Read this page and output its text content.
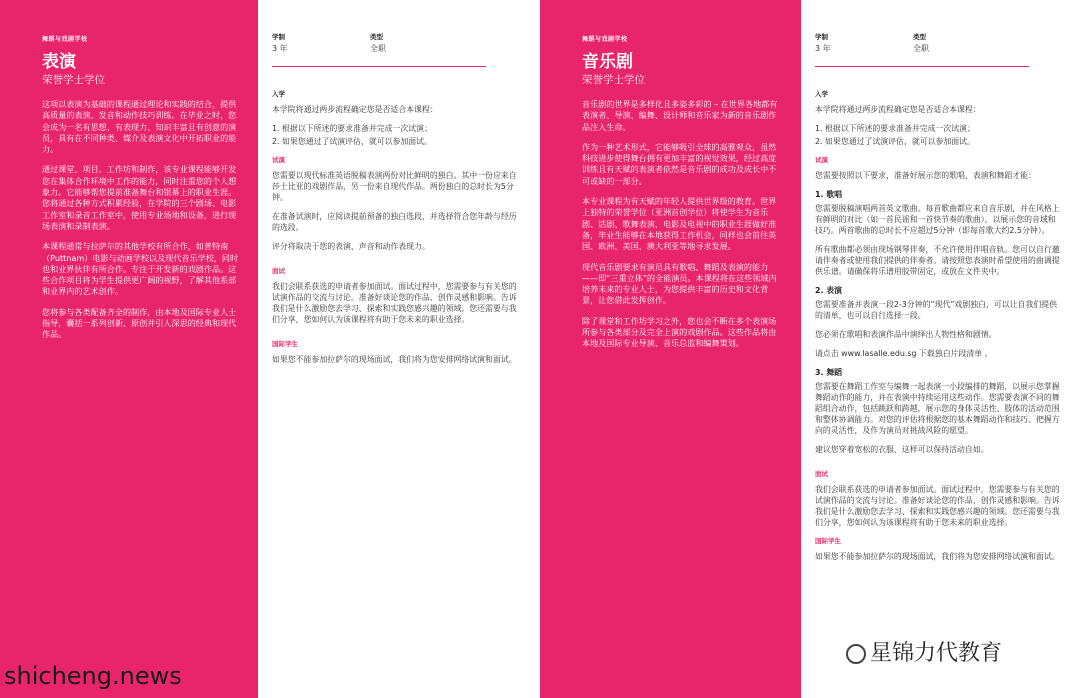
舞蹈与戏剧学校
表演
荣誉学士学位

这项以表演为基础的课程通过理论和实践的结合，提供高质量的表演、发音和动作技巧训练。在毕业之时，您会成为一名有思想、有表现力、知识丰富且有创意的演员，具有在不同种类、媒介及表演文化中开拓职业的能力。

通过课堂、项目、工作坊和制作，该专业课程能够开发您在集体合作环境中工作的能力，同时注重您的个人想象力。它能够帮您提前准备舞台和银幕上的职业生涯。您将通过各种方式积累经验，在学院的三个剧场、电影工作室和录音工作室中，使用专业场地和设备，进行现场表演和录制表演。

本课程通常与拉萨尔的其他学校有所合作，如普特南（Puttnam）电影与动画学校以及现代音乐学校，同时也和业界伙伴有所合作。专注于开发新的戏剧作品。这些合作项目将为学生提供更广阔的视野，了解其他系部和业界内的艺术创作。

您将参与各类配备齐全的制作，由本地及国际专业人士指导，囊括一系列创新、原创并引人深思的经典和现代作品。

学制
3 年
类型
全职
入学

本学院将通过两步流程确定您是否适合本课程：

1. 根据以下所述的要求准备并完成一次试演；

2. 如果您通过了试演评估，就可以参加面试。

试演

您需要以现代标准英语脱稿表演两份对比鲜明的独白。其中一份应来自莎士比亚的戏剧作品，另一份来自现代作品。两份独白的总时长为5分钟。

在准备试演时，应阅读提前预备的独白选段，并选择符合您年龄与经历的选段。

评分将取决于您的表演、声音和动作表现力。

面试

我们会联系获选的申请者参加面试。面试过程中，您需要参与有关您的试演作品的交流与讨论。准备好谈论您的作品、创作灵感和影响。告诉我们是什么激励您去学习、探索和实践您感兴趣的领域。您还需要与我们分享，您如何认为该课程将有助于您未来的职业选择。

国际学生

如果您不能参加拉萨尔的现场面试，我们将为您安排网络试演和面试。

舞蹈与戏剧学校
音乐剧
荣誉学士学位

音乐剧的世界是多样化且多姿多彩的 – 在世界各地都有表演者、导演、编舞、设计师和音乐家为新的音乐剧作品注入生命。

作为一种艺术形式，它能够吸引全球的高雅观众，虽然科技进步使得舞台拥有更加丰富的视觉效果，经过高度训练且有天赋的表演者依然是音乐剧的成功及成长中不可或缺的一部分。

本专业课程为有天赋的年轻人提供世界级的教育。世界上独特的荣誉学位（亚洲首创学位）将使学生为音乐剧、话剧、歌舞表演、电影及电视中的职业生涯做好准备，毕业生能够在本地获得工作机会，同样也会前往英国、欧洲、美国、澳大利亚等地寻求发展。

现代音乐剧要求有演员具有歌唱、舞蹈及表演的能力——即“三重立体”的全能演员。本课程将在这些领域内培养未来的专业人士，为您提供丰富的历史和文化背景，让您借此发挥创作。

除了课堂和工作坊学习之外，您也会不断在多个表演场所参与各类部分及完全上演的戏剧作品。这些作品将由本地及国际专业导演、音乐总监和编舞策划。

学制
3 年
类型
全职
入学

本学院将通过两步流程确定您是否适合本课程：

1. 根据以下所述的要求准备并完成一次试演；

2. 如果您通过了试演评估，就可以参加面试。

试演

您需要按照以下要求，准备好展示您的歌唱、表演和舞蹈才能：

1. 歌唱

您需要脱稿演唱两首英文歌曲。每首歌曲都应来自音乐剧，并在风格上有鲜明的对比（如一首民谣和一首快节奏的歌曲），以展示您的音域和技巧。两首歌曲的总时长不应超过5分钟（即每首歌大约2.5分钟）。

所有歌曲都必须由现场钢琴伴奏，不允许使用伴唱音轨。您可以自行邀请伴奏者或使用我们提供的伴奏者。请按照您表演时希望使用的曲调提供乐谱。请确保将乐谱用胶带固定，或放在文件夹中。

2. 表演

您需要准备并表演一段2-3分钟的“现代”戏剧独白，可以让自我们提供的清单，也可以自行选择一段。

您必须在歌唱和表演作品中演绎出人物性格和剧情。

请点击 www.lasalle.edu.sg 下载独白片段清单 。

3. 舞蹈

您需要在舞蹈工作室与编舞一起表演一小段编排的舞蹈，以展示您掌握舞蹈动作的能力，并在表演中持续运用这些动作。您需要表演不同的舞蹈组合动作，包括跳跃和跨越，展示您的身体灵活性、肢体的活动范围和整体协调能力。对您的评估将根据您的基本舞蹈动作和技巧、把握方向的灵活性，及作为演员对挑战风险的愿望。

建议您穿着宽松的衣服，这样可以保持活动自如。

面试

我们会联系获选的申请者参加面试。面试过程中，您需要参与有关您的试演作品的交流与讨论。准备好谈论您的作品、创作灵感和影响。告诉我们是什么激励您去学习、探索和实践您感兴趣的领域。您还需要与我们分享，您如何认为该课程将有助于您未来的职业选择。

国际学生

如果您不能参加拉萨尔的现场面试，我们将为您安排网络试演和面试。

shicheng.news
星锦力代教育
